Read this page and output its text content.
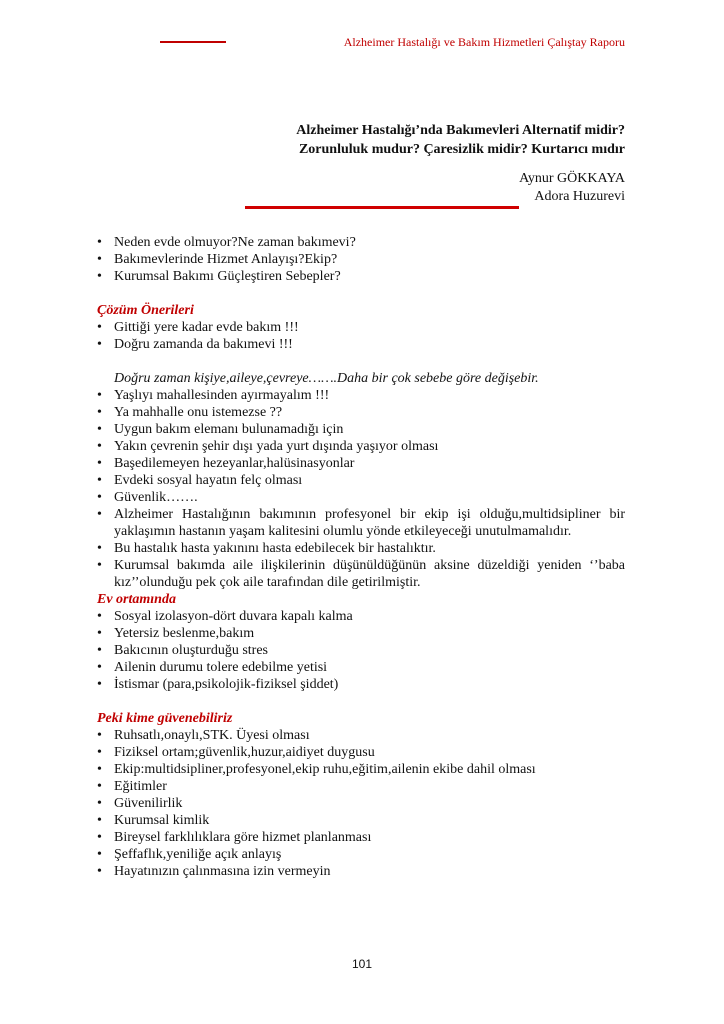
Alzheimer Hastalığı ve Bakım Hizmetleri Çalıştay Raporu
Alzheimer Hastalığı’nda Bakımevleri Alternatif midir?
Zorunluluk mudur? Çaresizlik midir? Kurtarıcı mıdır
Aynur GÖKKAYA
Adora Huzurevi
• Neden evde olmuyor?Ne zaman bakımevi?
• Bakımevlerinde Hizmet Anlayışı?Ekip?
• Kurumsal Bakımı Güçleştiren Sebepler?
Çözüm Önerileri
• Gittiği yere kadar evde bakım !!!
• Doğru zamanda da bakımevi !!!
Doğru zaman kişiye,aileye,çevreye…….Daha bir çok sebebe göre değişebir.
• Yaşlıyı mahallesinden ayırmayalım !!!
• Ya mahhalle onu istemezse ??
• Uygun bakım elemanı bulunamadığı için
• Yakın çevrenin şehir dışı yada yurt dışında yaşıyor olması
• Başedilemeyen hezeyanlar,halüsinasyonlar
• Evdeki sosyal hayatın felç olması
• Güvenlik…….
• Alzheimer Hastalığının bakımının profesyonel bir ekip işi olduğu,multidsipliner bir yaklaşımın hastanın yaşam kalitesini olumlu yönde etkileyeceği unutulmamalıdır.
• Bu hastalık hasta yakınını hasta edebilecek bir hastalıktır.
• Kurumsal bakımda aile ilişkilerinin düşünüldüğünün aksine düzeldiği yeniden ‘’baba kız’’olunduğu pek çok aile tarafından dile getirilmiştir.
Ev ortamında
• Sosyal izolasyon-dört duvara kapalı kalma
• Yetersiz beslenme,bakım
• Bakıcının oluşturduğu stres
• Ailenin durumu tolere edebilme yetisi
• İstismar (para,psikolojik-fiziksel şiddet)
Peki kime güvenebiliriz
• Ruhsatlı,onaylı,STK. Üyesi olması
• Fiziksel ortam;güvenlik,huzur,aidiyet duygusu
• Ekip:multidsipliner,profesyonel,ekip ruhu,eğitim,ailenin ekibe dahil olması
• Eğitimler
• Güvenilirlik
• Kurumsal kimlik
• Bireysel farklılıklara göre hizmet planlanması
• Şeffaflık,yeniliğe açık anlayış
• Hayatınızın çalınmasına izin vermeyin
101
